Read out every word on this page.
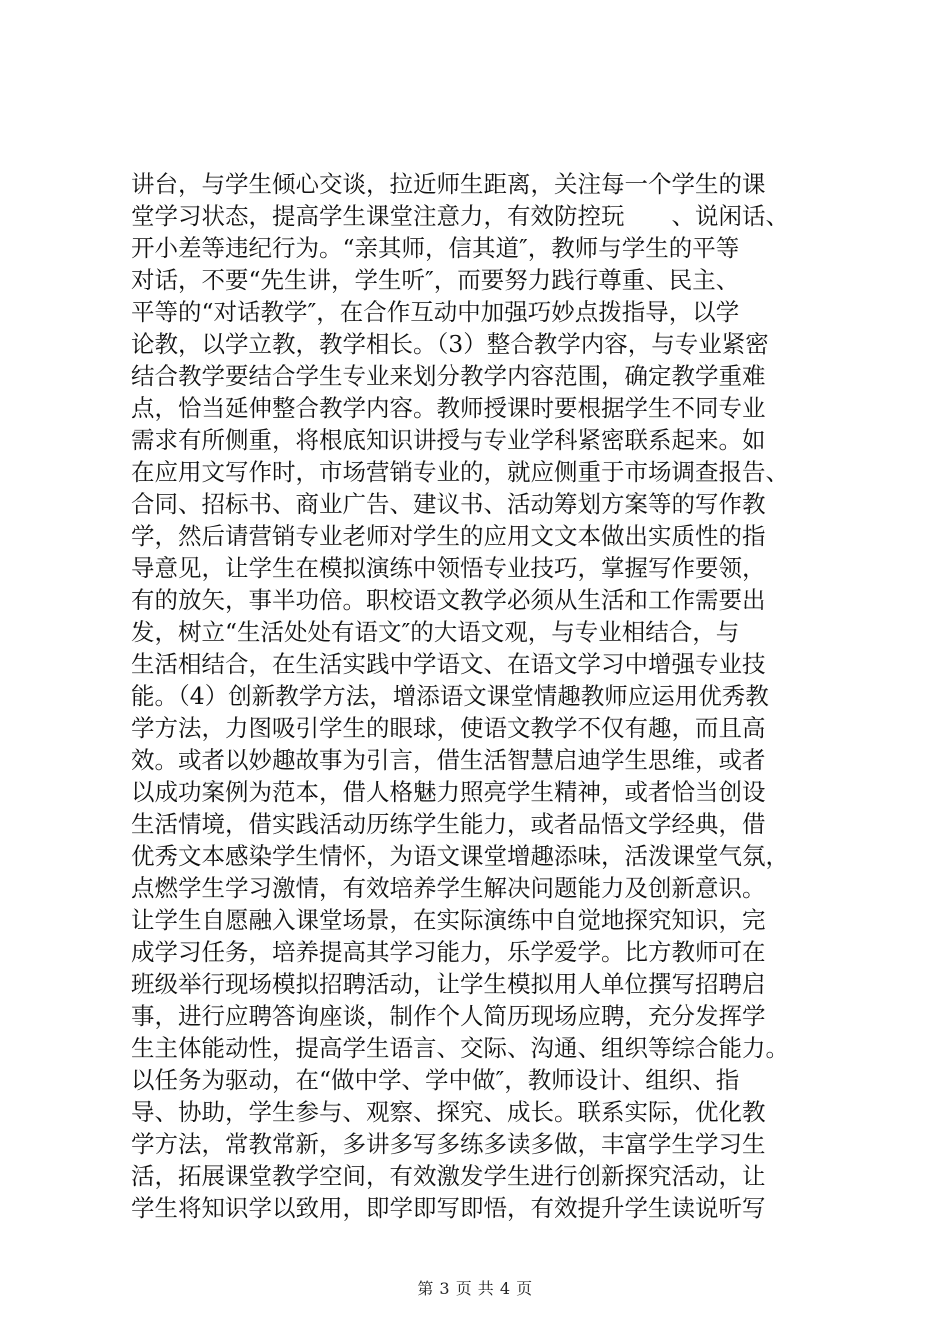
讲台，与学生倾心交谈，拉近师生距离，关注每一个学生的课
堂学习状态，提高学生课堂注意力，有效防控玩　　、说闲话、
开小差等违纪行为。“亲其师，信其道″，教师与学生的平等
对话，不要“先生讲，学生听″，而要努力践行尊重、民主、
平等的“对话教学″，在合作互动中加强巧妙点拨指导，以学
论教，以学立教，教学相长。（3）整合教学内容，与专业紧密
结合教学要结合学生专业来划分教学内容范围，确定教学重难
点，恰当延伸整合教学内容。教师授课时要根据学生不同专业
需求有所侧重，将根底知识讲授与专业学科紧密联系起来。如
在应用文写作时，市场营销专业的，就应侧重于市场调查报告、
合同、招标书、商业广告、建议书、活动筹划方案等的写作教
学，然后请营销专业老师对学生的应用文文本做出实质性的指
导意见，让学生在模拟演练中领悟专业技巧，掌握写作要领，
有的放矢，事半功倍。职校语文教学必须从生活和工作需要出
发，树立“生活处处有语文″的大语文观，与专业相结合，与
生活相结合，在生活实践中学语文、在语文学习中增强专业技
能。（4）创新教学方法，增添语文课堂情趣教师应运用优秀教
学方法，力图吸引学生的眼球，使语文教学不仅有趣，而且高
效。或者以妙趣故事为引言，借生活智慧启迪学生思维，或者
以成功案例为范本，借人格魅力照亮学生精神，或者恰当创设
生活情境，借实践活动历练学生能力，或者品悟文学经典，借
优秀文本感染学生情怀，为语文课堂增趣添味，活泼课堂气氛，
点燃学生学习激情，有效培养学生解决问题能力及创新意识。
让学生自愿融入课堂场景，在实际演练中自觉地探究知识，完
成学习任务，培养提高其学习能力，乐学爱学。比方教师可在
班级举行现场模拟招聘活动，让学生模拟用人单位撰写招聘启
事，进行应聘答询座谈，制作个人简历现场应聘，充分发挥学
生主体能动性，提高学生语言、交际、沟通、组织等综合能力。
以任务为驱动，在“做中学、学中做″，教师设计、组织、指
导、协助，学生参与、观察、探究、成长。联系实际，优化教
学方法，常教常新，多讲多写多练多读多做，丰富学生学习生
活，拓展课堂教学空间，有效激发学生进行创新探究活动，让
学生将知识学以致用，即学即写即悟，有效提升学生读说听写
第 3 页 共 4 页
